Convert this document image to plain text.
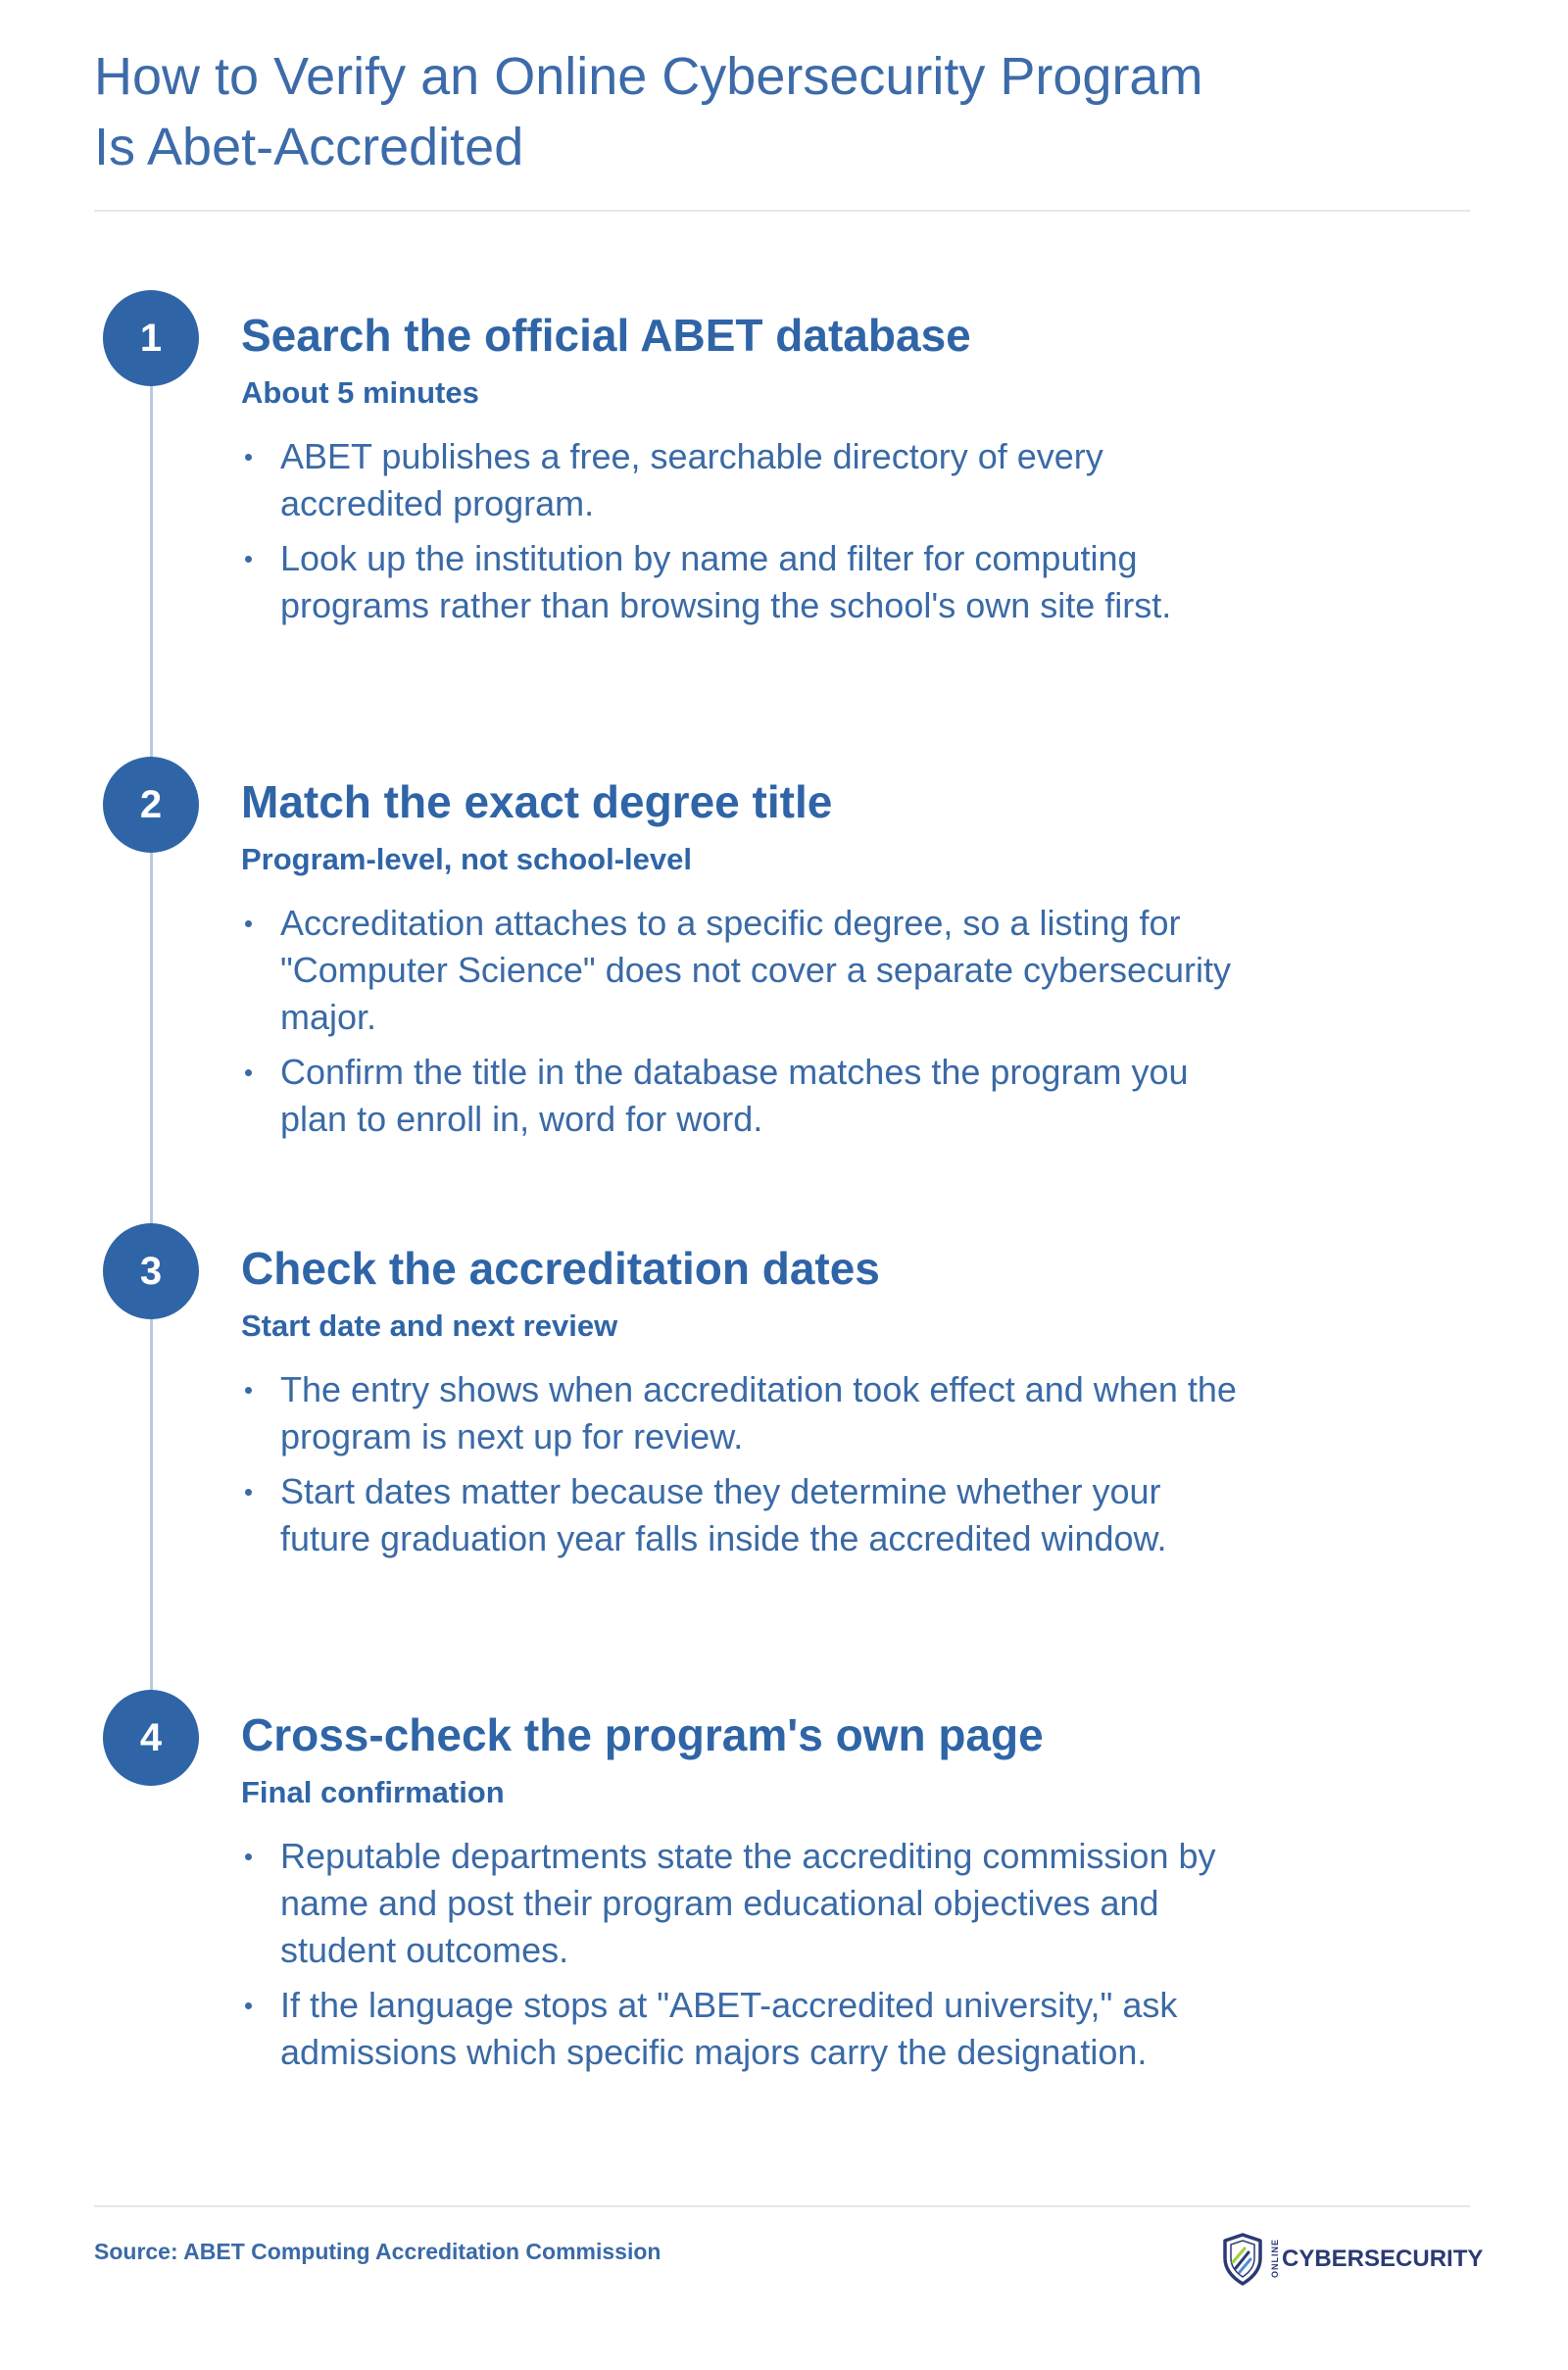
How to Verify an Online Cybersecurity Program
Is Abet-Accredited
1	Search the official ABET database
About 5 minutes
ABET publishes a free, searchable directory of every accredited program.
Look up the institution by name and filter for computing programs rather than browsing the school's own site first.
2	Match the exact degree title
Program-level, not school-level
Accreditation attaches to a specific degree, so a listing for "Computer Science" does not cover a separate cybersecurity major.
Confirm the title in the database matches the program you plan to enroll in, word for word.
3	Check the accreditation dates
Start date and next review
The entry shows when accreditation took effect and when the program is next up for review.
Start dates matter because they determine whether your future graduation year falls inside the accredited window.
4	Cross-check the program's own page
Final confirmation
Reputable departments state the accrediting commission by name and post their program educational objectives and student outcomes.
If the language stops at "ABET-accredited university," ask admissions which specific majors carry the designation.
Source: ABET Computing Accreditation Commission	ONLINE CYBERSECURITY
